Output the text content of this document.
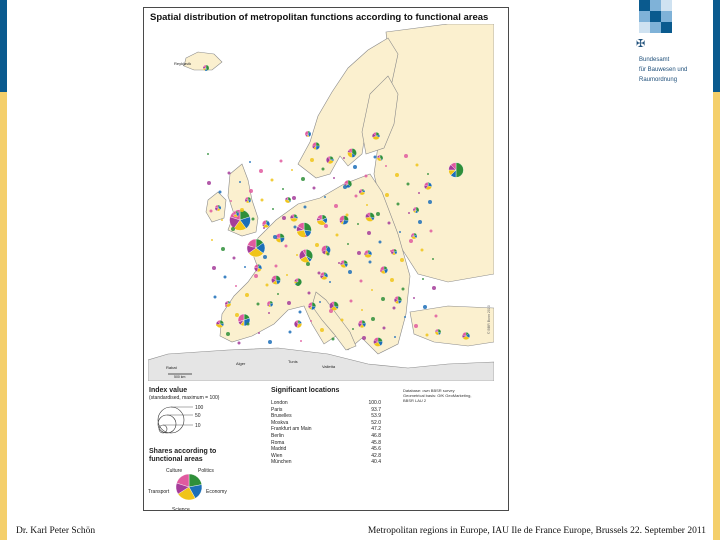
✠
Bundesamt
für Bauwesen und
Raumordnung
Spatial distribution of metropolitan functions according to functional areas
Reykjavik
Rabat
Alger	Tunis
Valletta
500 km
© BBR Bonn 2010
Index value
(standardised, maximum = 100)
100
50
10
Shares according to
functional areas
Culture	Politics
Economy
Science
Transport
Significant locations
London	100.0
Paris	93.7
Bruxelles	53.9
Moskva	52.0
Frankfurt am Main	47.2
Berlin	46.8
Roma	45.8
Madrid	45.6
Wien	42.8
München	40.4
Database: own BBSR survey
Geometrical basis: GfK GeoMarketing,
BBSR LAU 2
Dr. Karl Peter Schön	Metropolitan regions in Europe, IAU Ile de France Europe, Brussels 22. September 2011
